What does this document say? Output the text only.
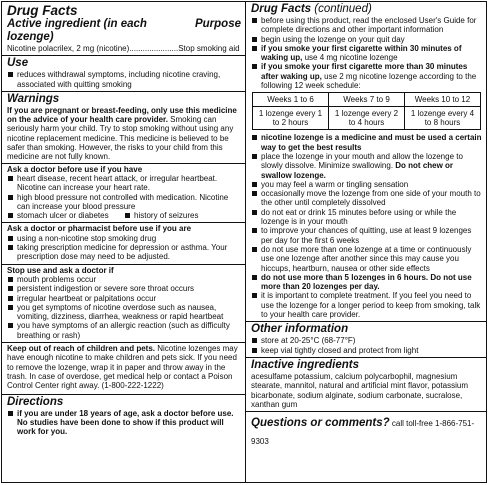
Drug Facts
Active ingredient (in each lozenge)
Purpose
Nicotine polacrilex, 2 mg (nicotine)......................Stop smoking aid
Use
reduces withdrawal symptoms, including nicotine craving, associated with quitting smoking
Warnings
If you are pregnant or breast-feeding, only use this medicine on the advice of your health care provider. Smoking can seriously harm your child. Try to stop smoking without using any nicotine replacement medicine. This medicine is believed to be safer than smoking. However, the risks to your child from this medicine are not fully known.
Ask a doctor before use if you have
heart disease, recent heart attack, or irregular heartbeat. Nicotine can increase your heart rate.
high blood pressure not controlled with medication. Nicotine can increase your blood pressure
stomach ulcer or diabetes	history of seizures
Ask a doctor or pharmacist before use if you are
using a non-nicotine stop smoking drug
taking prescription medicine for depression or asthma. Your prescription dose may need to be adjusted.
Stop use and ask a doctor if
mouth problems occur
persistent indigestion or severe sore throat occurs
irregular heartbeat or palpitations occur
you get symptoms of nicotine overdose such as nausea, vomiting, dizziness, diarrhea, weakness or rapid heartbeat
you have symptoms of an allergic reaction (such as difficulty breathing or rash)
Keep out of reach of children and pets. Nicotine lozenges may have enough nicotine to make children and pets sick. If you need to remove the lozenge, wrap it in paper and throw away in the trash. In case of overdose, get medical help or contact a Poison Control Center right away. (1-800-222-1222)
Directions
if you are under 18 years of age, ask a doctor before use. No studies have been done to show if this product will work for you.
Drug Facts (continued)
before using this product, read the enclosed User's Guide for complete directions and other important information
begin using the lozenge on your quit day
if you smoke your first cigarette within 30 minutes of waking up, use 4 mg nicotine lozenge
if you smoke your first cigarette more than 30 minutes after waking up, use 2 mg nicotine lozenge according to the following 12 week schedule:
Weeks 1 to 6	Weeks 7 to 9	Weeks 10 to 12
1 lozenge every 1 to 2 hours	1 lozenge every 2 to 4 hours	1 lozenge every 4 to 8 hours
nicotine lozenge is a medicine and must be used a certain way to get the best results
place the lozenge in your mouth and allow the lozenge to slowly dissolve. Minimize swallowing. Do not chew or swallow lozenge.
you may feel a warm or tingling sensation
occasionally move the lozenge from one side of your mouth to the other until completely dissolved
do not eat or drink 15 minutes before using or while the lozenge is in your mouth
to improve your chances of quitting, use at least 9 lozenges per day for the first 6 weeks
do not use more than one lozenge at a time or continuously use one lozenge after another since this may cause you hiccups, heartburn, nausea or other side effects
do not use more than 5 lozenges in 6 hours. Do not use more than 20 lozenges per day.
it is important to complete treatment. If you feel you need to use the lozenge for a longer period to keep from smoking, talk to your health care provider.
Other information
store at 20-25°C (68-77°F)
keep vial tightly closed and protect from light
Inactive ingredients
acesulfame potassium, calcium polycarbophil, magnesium stearate, mannitol, natural and artificial mint flavor, potassium bicarbonate, sodium alginate, sodium carbonate, sucralose, xanthan gum
Questions or comments? call toll-free 1-866-751-9303
